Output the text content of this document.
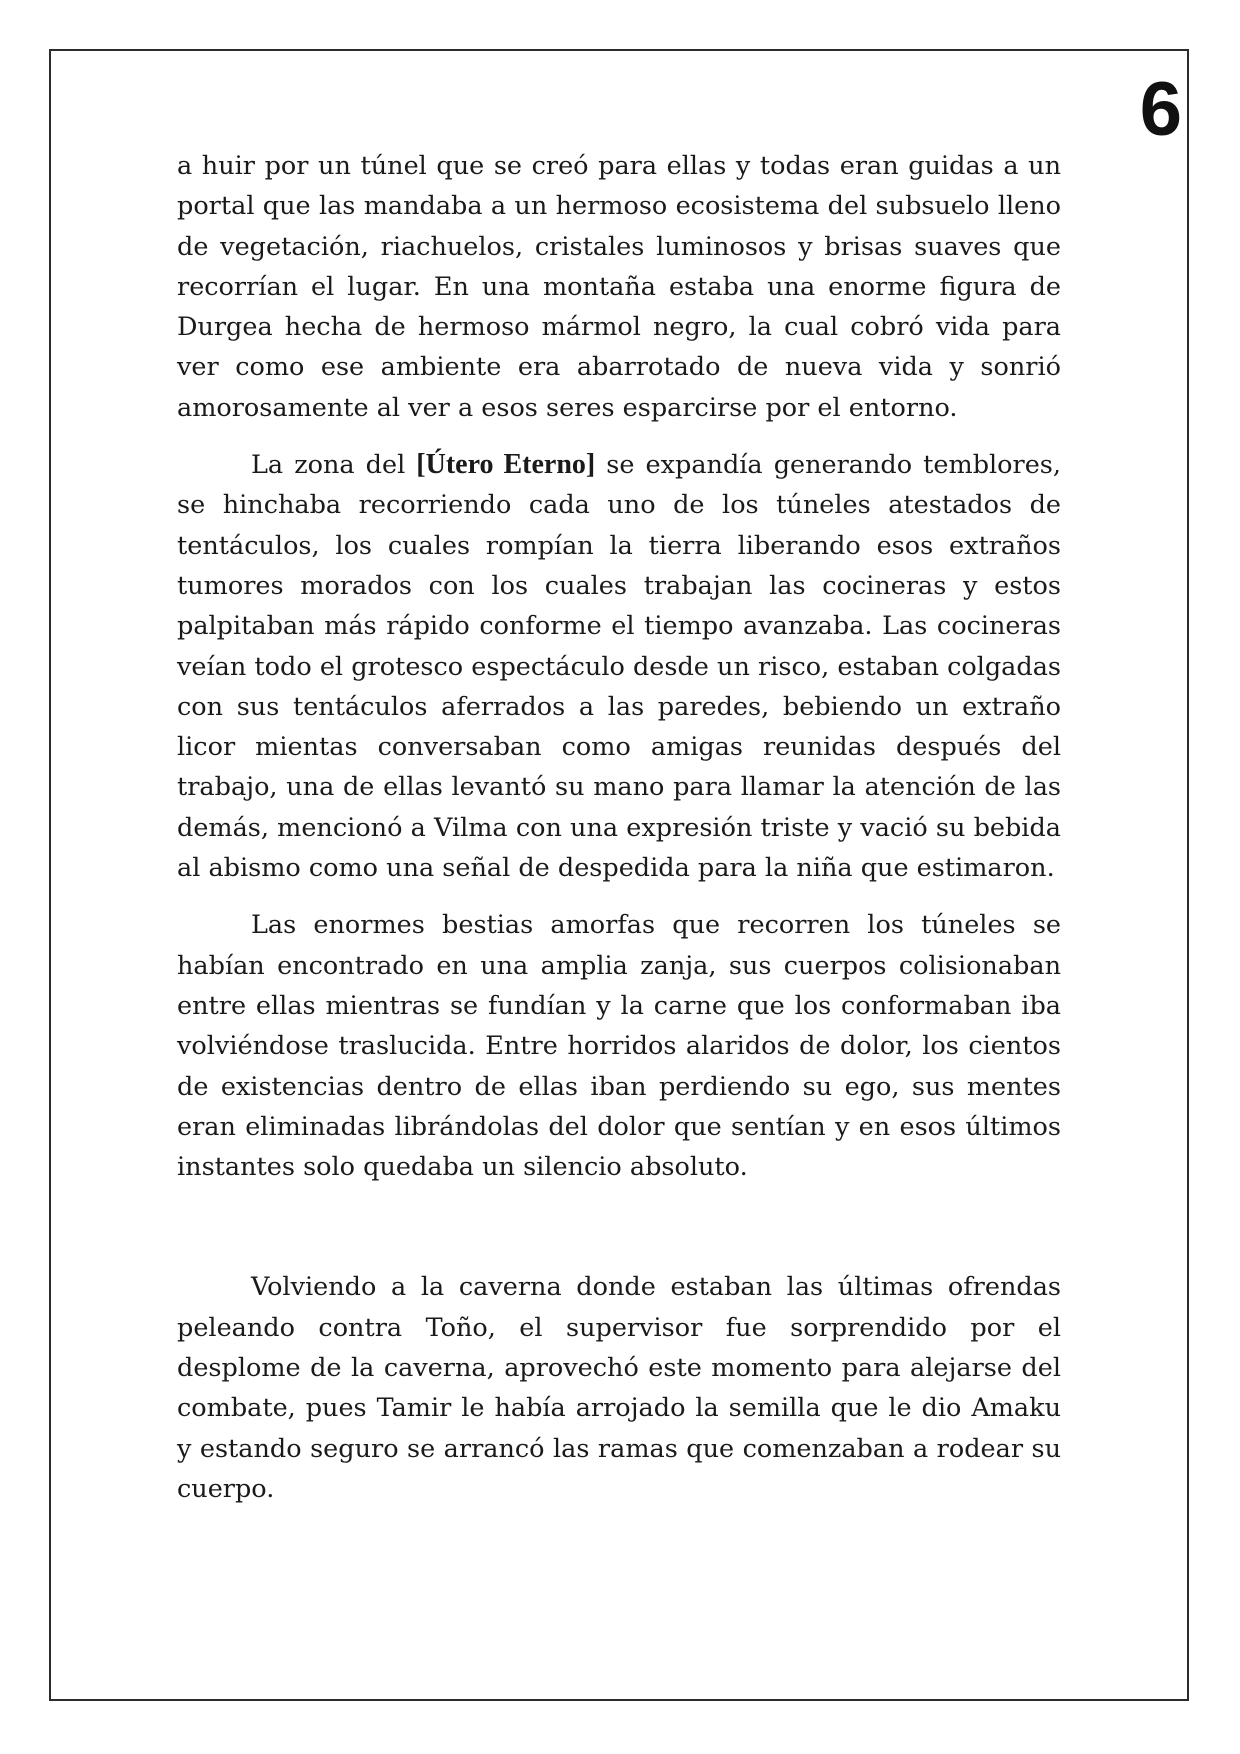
6

a huir por un túnel que se creó para ellas y todas eran guidas a un portal que las mandaba a un hermoso ecosistema del subsuelo lleno de vegetación, riachuelos, cristales luminosos y brisas suaves que recorrían el lugar. En una montaña estaba una enorme figura de Durgea hecha de hermoso mármol negro, la cual cobró vida para ver como ese ambiente era abarrotado de nueva vida y sonrió amorosamente al ver a esos seres esparcirse por el entorno.

La zona del [Útero Eterno] se expandía generando temblores, se hinchaba recorriendo cada uno de los túneles atestados de tentáculos, los cuales rompían la tierra liberando esos extraños tumores morados con los cuales trabajan las cocineras y estos palpitaban más rápido conforme el tiempo avanzaba. Las cocineras veían todo el grotesco espectáculo desde un risco, estaban colgadas con sus tentáculos aferrados a las paredes, bebiendo un extraño licor mientas conversaban como amigas reunidas después del trabajo, una de ellas levantó su mano para llamar la atención de las demás, mencionó a Vilma con una expresión triste y vació su bebida al abismo como una señal de despedida para la niña que estimaron.

Las enormes bestias amorfas que recorren los túneles se habían encontrado en una amplia zanja, sus cuerpos colisionaban entre ellas mientras se fundían y la carne que los conformaban iba volviéndose traslucida. Entre horridos alaridos de dolor, los cientos de existencias dentro de ellas iban perdiendo su ego, sus mentes eran eliminadas librándolas del dolor que sentían y en esos últimos instantes solo quedaba un silencio absoluto.

Volviendo a la caverna donde estaban las últimas ofrendas peleando contra Toño, el supervisor fue sorprendido por el desplome de la caverna, aprovechó este momento para alejarse del combate, pues Tamir le había arrojado la semilla que le dio Amaku y estando seguro se arrancó las ramas que comenzaban a rodear su cuerpo.
